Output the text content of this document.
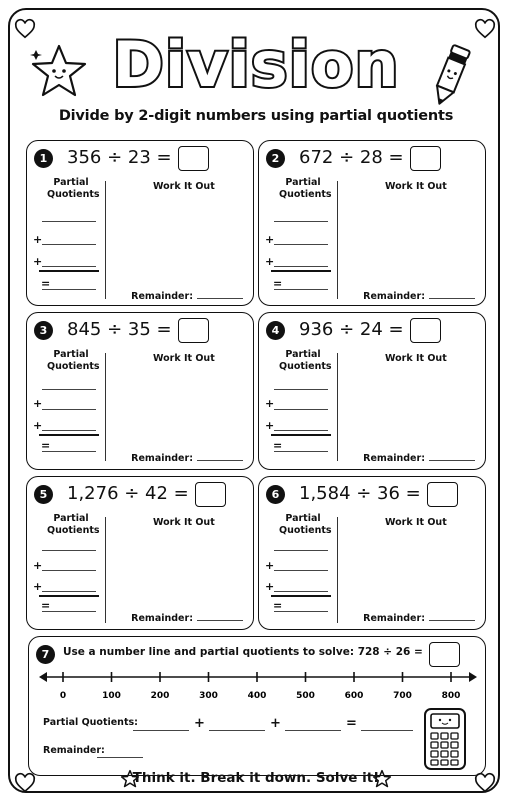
Division
Divide by 2-digit numbers using partial quotients
1	356 ÷ 23 =
Partial Quotients
Work It Out
+
+
=
Remainder:
2	672 ÷ 28 =
Partial Quotients
Work It Out
+
+
=
Remainder:
3	845 ÷ 35 =
Partial Quotients
Work It Out
+
+
=
Remainder:
4	936 ÷ 24 =
Partial Quotients
Work It Out
+
+
=
Remainder:
5	1,276 ÷ 42 =
Partial Quotients
Work It Out
+
+
=
Remainder:
6	1,584 ÷ 36 =
Partial Quotients
Work It Out
+
+
=
Remainder:
7	Use a number line and partial quotients to solve: 728 ÷ 26 =
0	100	200	300	400	500	600	700	800
Partial Quotients:	+	+	=
Remainder:
Think it. Break it down. Solve it!
